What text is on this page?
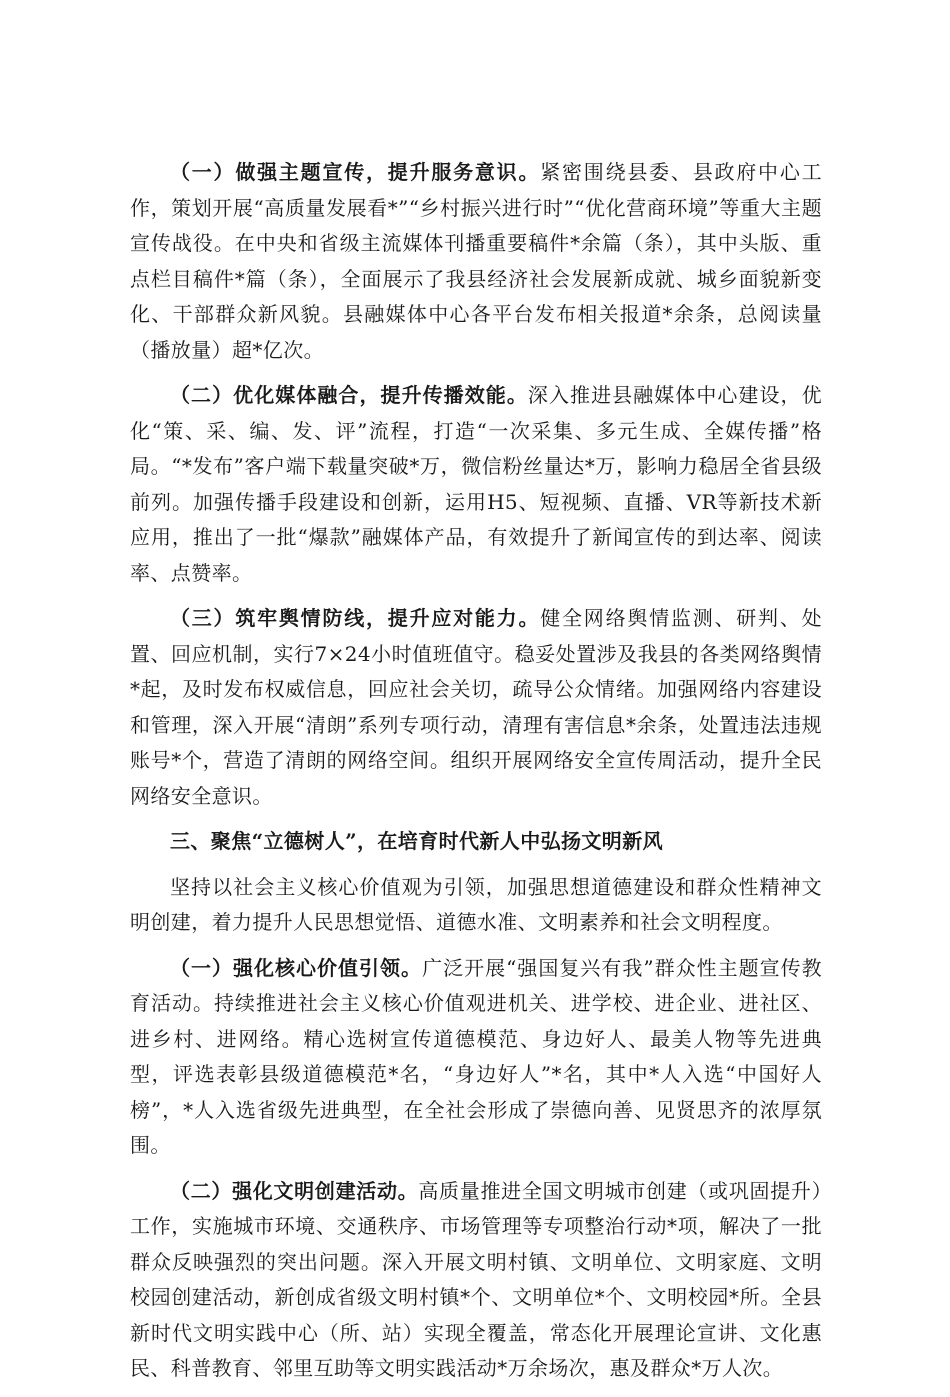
（一）做强主题宣传，提升服务意识。紧密围绕县委、县政府中心工作，策划开展“高质量发展看*”“乡村振兴进行时”“优化营商环境”等重大主题宣传战役。在中央和省级主流媒体刊播重要稿件*余篇（条），其中头版、重点栏目稿件*篇（条），全面展示了我县经济社会发展新成就、城乡面貌新变化、干部群众新风貌。县融媒体中心各平台发布相关报道*余条，总阅读量（播放量）超*亿次。

（二）优化媒体融合，提升传播效能。深入推进县融媒体中心建设，优化“策、采、编、发、评”流程，打造“一次采集、多元生成、全媒传播”格局。“*发布”客户端下载量突破*万，微信粉丝量达*万，影响力稳居全省县级前列。加强传播手段建设和创新，运用H5、短视频、直播、VR等新技术新应用，推出了一批“爆款”融媒体产品，有效提升了新闻宣传的到达率、阅读率、点赞率。

（三）筑牢舆情防线，提升应对能力。健全网络舆情监测、研判、处置、回应机制，实行7×24小时值班值守。稳妥处置涉及我县的各类网络舆情*起，及时发布权威信息，回应社会关切，疏导公众情绪。加强网络内容建设和管理，深入开展“清朗”系列专项行动，清理有害信息*余条，处置违法违规账号*个，营造了清朗的网络空间。组织开展网络安全宣传周活动，提升全民网络安全意识。

三、聚焦“立德树人”，在培育时代新人中弘扬文明新风

坚持以社会主义核心价值观为引领，加强思想道德建设和群众性精神文明创建，着力提升人民思想觉悟、道德水准、文明素养和社会文明程度。

（一）强化核心价值引领。广泛开展“强国复兴有我”群众性主题宣传教育活动。持续推进社会主义核心价值观进机关、进学校、进企业、进社区、进乡村、进网络。精心选树宣传道德模范、身边好人、最美人物等先进典型，评选表彰县级道德模范*名，“身边好人”*名，其中*人入选“中国好人榜”，*人入选省级先进典型，在全社会形成了崇德向善、见贤思齐的浓厚氛围。

（二）强化文明创建活动。高质量推进全国文明城市创建（或巩固提升）工作，实施城市环境、交通秩序、市场管理等专项整治行动*项，解决了一批群众反映强烈的突出问题。深入开展文明村镇、文明单位、文明家庭、文明校园创建活动，新创成省级文明村镇*个、文明单位*个、文明校园*所。全县新时代文明实践中心（所、站）实现全覆盖，常态化开展理论宣讲、文化惠民、科普教育、邻里互助等文明实践活动*万余场次，惠及群众*万人次。
